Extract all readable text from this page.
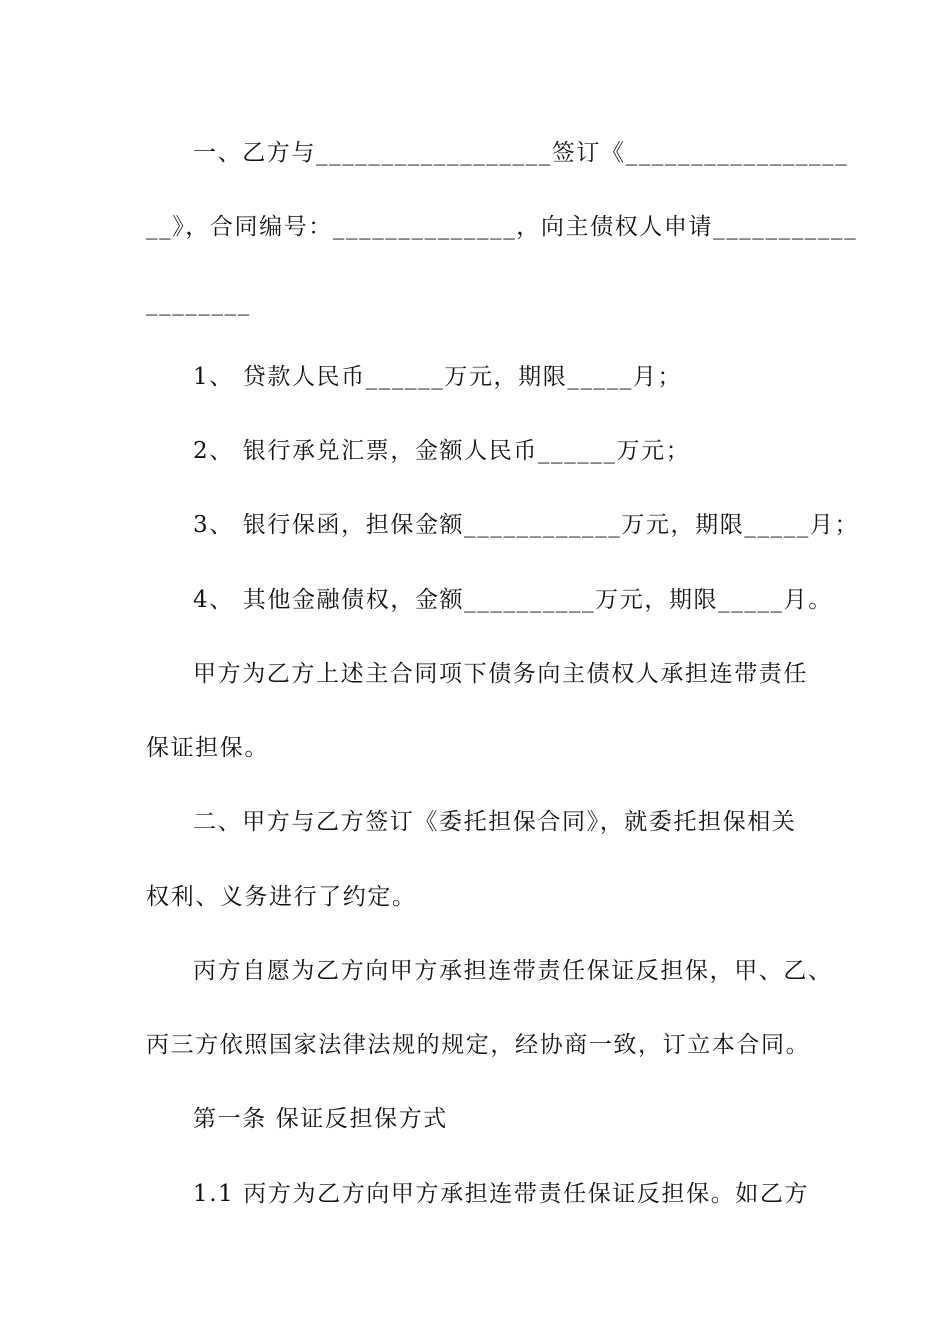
一、乙方与__________________签订《_________________
__》，合同编号：______________，向主债权人申请___________
________
1、 贷款人民币______万元，期限_____月；
2、 银行承兑汇票，金额人民币______万元；
3、 银行保函，担保金额____________万元，期限_____月；
4、 其他金融债权，金额__________万元，期限_____月。
甲方为乙方上述主合同项下债务向主债权人承担连带责任
保证担保。
二、甲方与乙方签订《委托担保合同》，就委托担保相关
权利、义务进行了约定。
丙方自愿为乙方向甲方承担连带责任保证反担保，甲、乙、
丙三方依照国家法律法规的规定，经协商一致，订立本合同。
第一条 保证反担保方式
1.1 丙方为乙方向甲方承担连带责任保证反担保。如乙方
